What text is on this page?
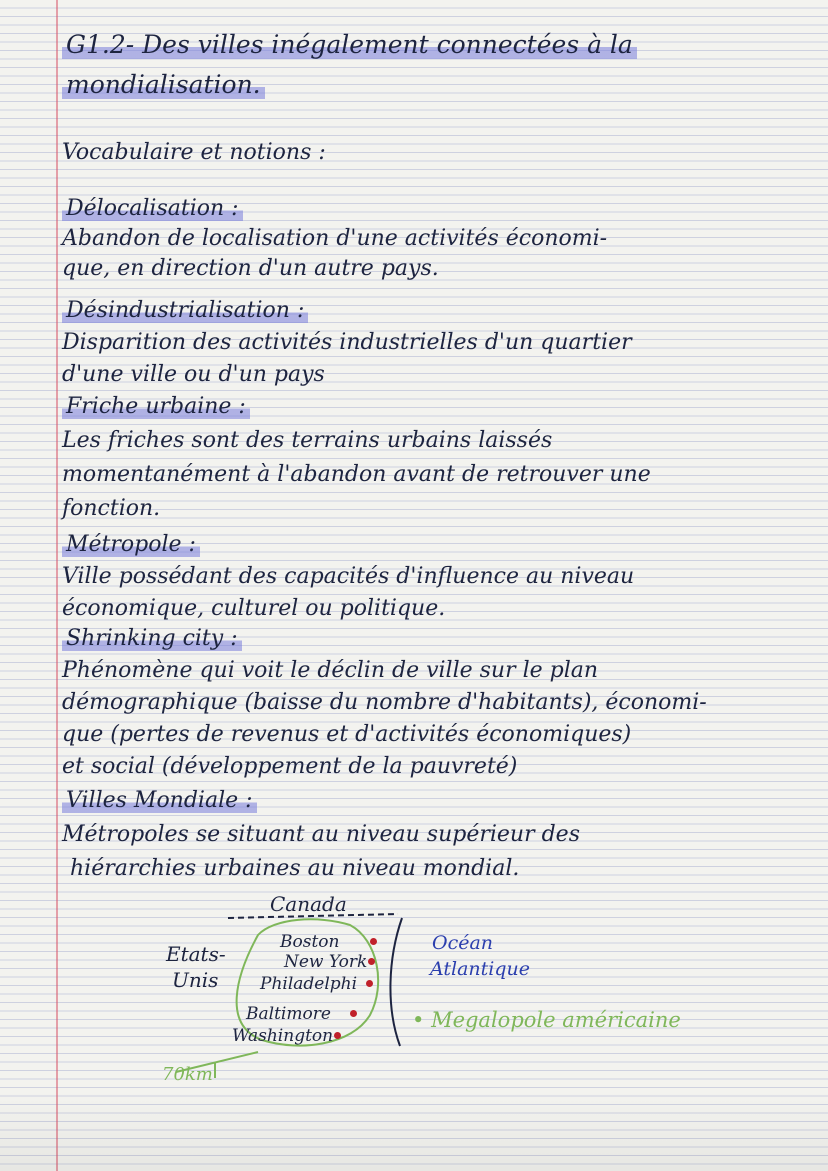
G1.2- Des villes inégalement connectées à la
mondialisation.
Vocabulaire et notions :
Délocalisation :
Abandon de localisation d'une activités économi-
que, en direction d'un autre pays.
Désindustrialisation :
Disparition des activités industrielles d'un quartier
d'une ville ou d'un pays
Friche urbaine :
Les friches sont des terrains urbains laissés
momentanément à l'abandon avant de retrouver une
fonction.
Métropole :
Ville possédant des capacités d'influence au niveau
économique, culturel ou politique.
Shrinking city :
Phénomène qui voit le déclin de ville sur le plan
démographique (baisse du nombre d'habitants), économi-
que (pertes de revenus et d'activités économiques)
et social (développement de la pauvreté)
Villes Mondiale :
Métropoles se situant au niveau supérieur des
hiérarchies urbaines au niveau mondial.
Canada
Etats-
Unis
Boston
New York
Philadelphi
Baltimore
Washington
Océan
Atlantique
• Megalopole américaine
70km
